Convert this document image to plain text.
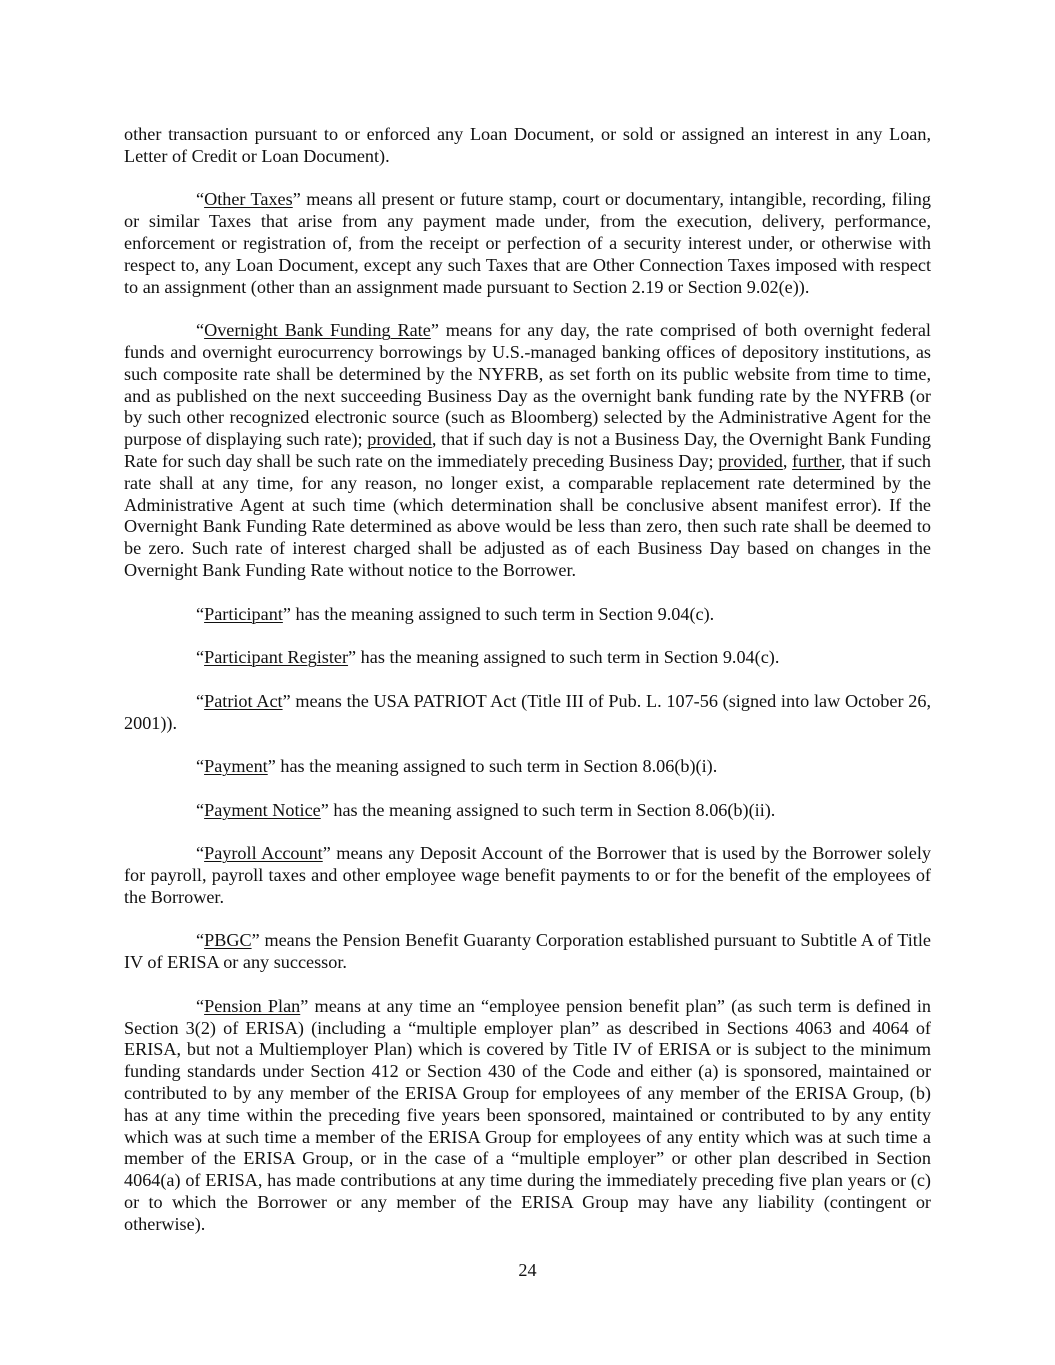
other transaction pursuant to or enforced any Loan Document, or sold or assigned an interest in any Loan, Letter of Credit or Loan Document).

“Other Taxes” means all present or future stamp, court or documentary, intangible, recording, filing or similar Taxes that arise from any payment made under, from the execution, delivery, performance, enforcement or registration of, from the receipt or perfection of a security interest under, or otherwise with respect to, any Loan Document, except any such Taxes that are Other Connection Taxes imposed with respect to an assignment (other than an assignment made pursuant to Section 2.19 or Section 9.02(e)).

“Overnight Bank Funding Rate” means for any day, the rate comprised of both overnight federal funds and overnight eurocurrency borrowings by U.S.-managed banking offices of depository institutions, as such composite rate shall be determined by the NYFRB, as set forth on its public website from time to time, and as published on the next succeeding Business Day as the overnight bank funding rate by the NYFRB (or by such other recognized electronic source (such as Bloomberg) selected by the Administrative Agent for the purpose of displaying such rate); provided, that if such day is not a Business Day, the Overnight Bank Funding Rate for such day shall be such rate on the immediately preceding Business Day; provided, further, that if such rate shall at any time, for any reason, no longer exist, a comparable replacement rate determined by the Administrative Agent at such time (which determination shall be conclusive absent manifest error). If the Overnight Bank Funding Rate determined as above would be less than zero, then such rate shall be deemed to be zero. Such rate of interest charged shall be adjusted as of each Business Day based on changes in the Overnight Bank Funding Rate without notice to the Borrower.

“Participant” has the meaning assigned to such term in Section 9.04(c).

“Participant Register” has the meaning assigned to such term in Section 9.04(c).

“Patriot Act” means the USA PATRIOT Act (Title III of Pub. L. 107-56 (signed into law October 26, 2001)).

“Payment” has the meaning assigned to such term in Section 8.06(b)(i).

“Payment Notice” has the meaning assigned to such term in Section 8.06(b)(ii).

“Payroll Account” means any Deposit Account of the Borrower that is used by the Borrower solely for payroll, payroll taxes and other employee wage benefit payments to or for the benefit of the employees of the Borrower.

“PBGC” means the Pension Benefit Guaranty Corporation established pursuant to Subtitle A of Title IV of ERISA or any successor.

“Pension Plan” means at any time an “employee pension benefit plan” (as such term is defined in Section 3(2) of ERISA) (including a “multiple employer plan” as described in Sections 4063 and 4064 of ERISA, but not a Multiemployer Plan) which is covered by Title IV of ERISA or is subject to the minimum funding standards under Section 412 or Section 430 of the Code and either (a) is sponsored, maintained or contributed to by any member of the ERISA Group for employees of any member of the ERISA Group, (b) has at any time within the preceding five years been sponsored, maintained or contributed to by any entity which was at such time a member of the ERISA Group for employees of any entity which was at such time a member of the ERISA Group, or in the case of a “multiple employer” or other plan described in Section 4064(a) of ERISA, has made contributions at any time during the immediately preceding five plan years or (c) or to which the Borrower or any member of the ERISA Group may have any liability (contingent or otherwise).

24
